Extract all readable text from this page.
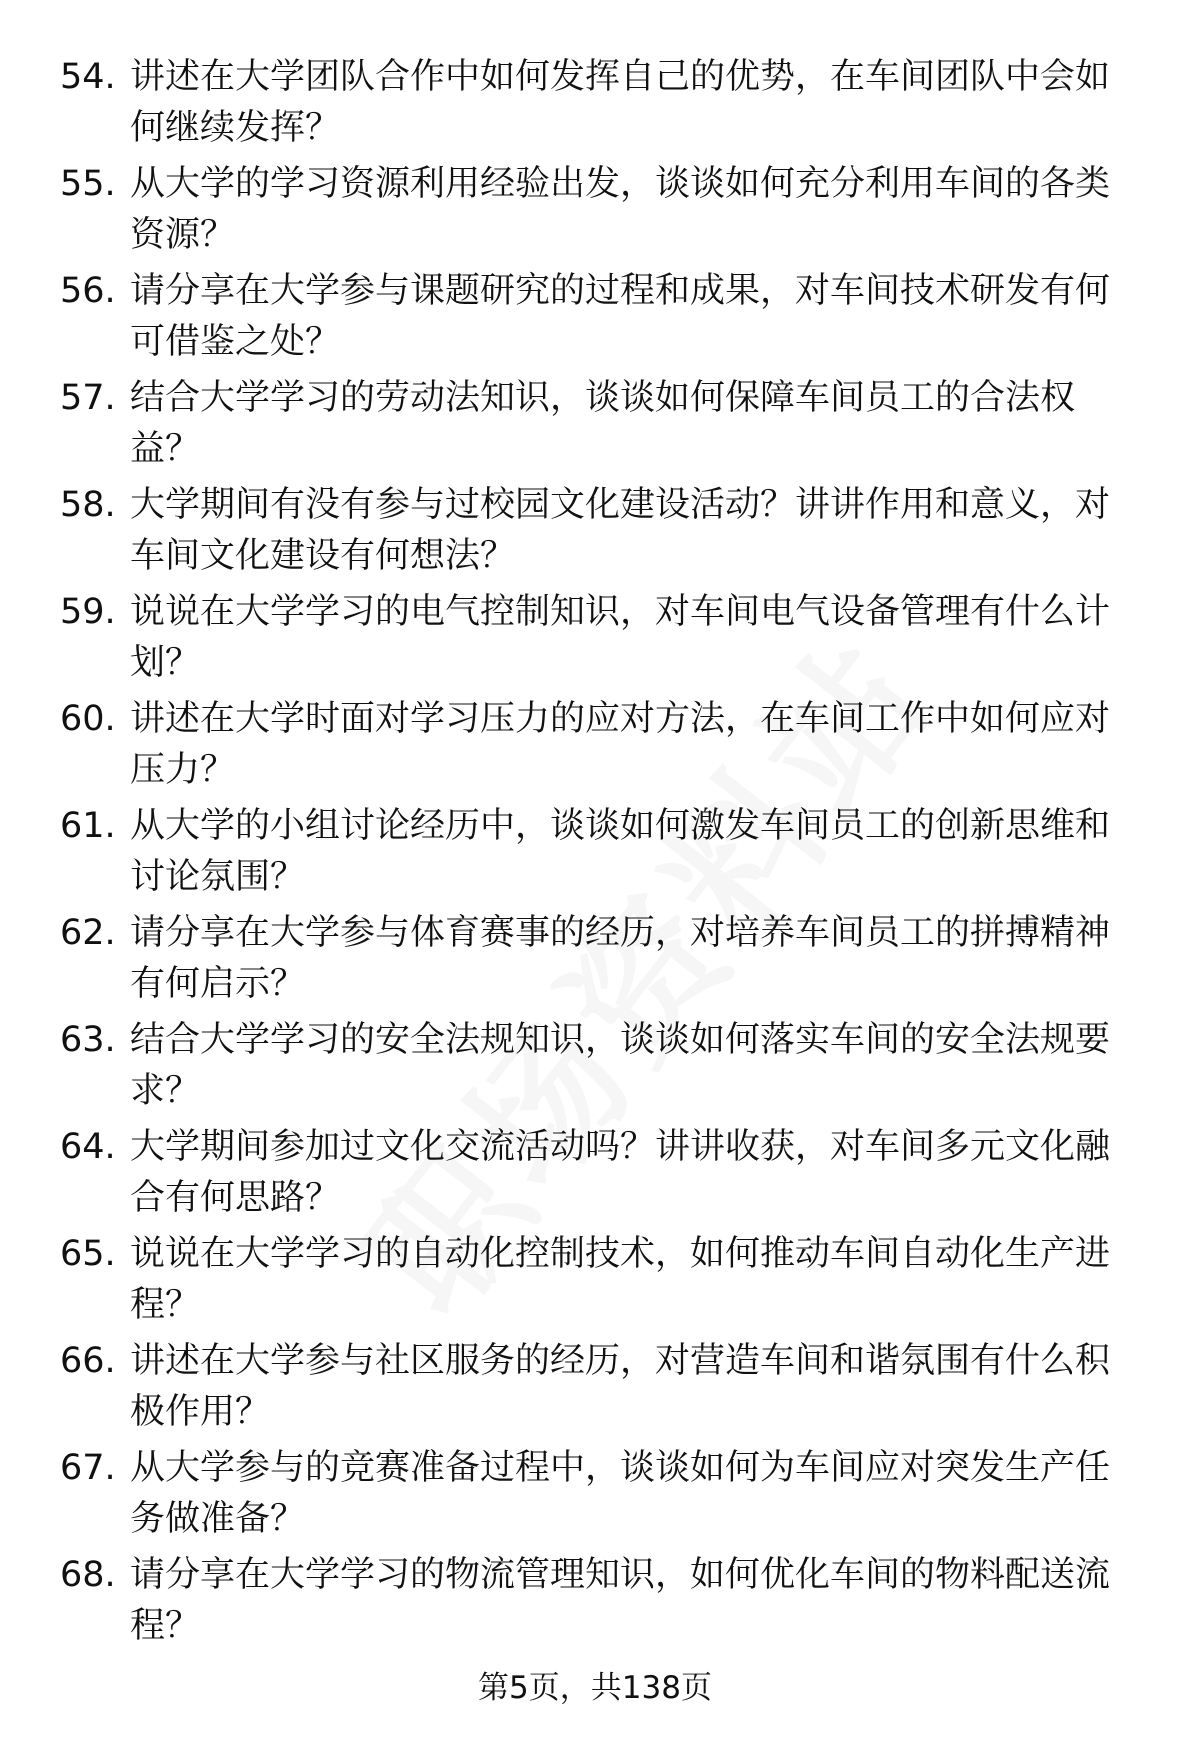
54. 讲述在大学团队合作中如何发挥自己的优势，在车间团队中会如何继续发挥？
55. 从大学的学习资源利用经验出发，谈谈如何充分利用车间的各类资源？
56. 请分享在大学参与课题研究的过程和成果，对车间技术研发有何可借鉴之处？
57. 结合大学学习的劳动法知识，谈谈如何保障车间员工的合法权益？
58. 大学期间有没有参与过校园文化建设活动？讲讲作用和意义，对车间文化建设有何想法？
59. 说说在大学学习的电气控制知识，对车间电气设备管理有什么计划？
60. 讲述在大学时面对学习压力的应对方法，在车间工作中如何应对压力？
61. 从大学的小组讨论经历中，谈谈如何激发车间员工的创新思维和讨论氛围？
62. 请分享在大学参与体育赛事的经历，对培养车间员工的拼搏精神有何启示？
63. 结合大学学习的安全法规知识，谈谈如何落实车间的安全法规要求？
64. 大学期间参加过文化交流活动吗？讲讲收获，对车间多元文化融合有何思路？
65. 说说在大学学习的自动化控制技术，如何推动车间自动化生产进程？
66. 讲述在大学参与社区服务的经历，对营造车间和谐氛围有什么积极作用？
67. 从大学参与的竞赛准备过程中，谈谈如何为车间应对突发生产任务做准备？
68. 请分享在大学学习的物流管理知识，如何优化车间的物料配送流程？
第5页，共138页
